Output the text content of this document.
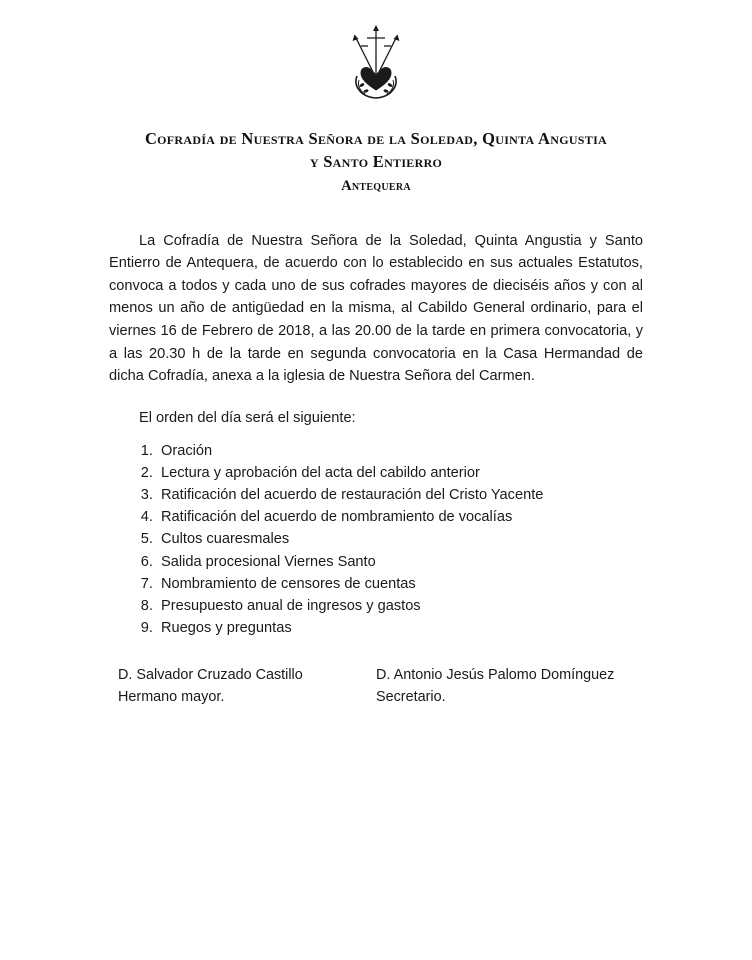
Cofradía de Nuestra Señora de la Soledad, Quinta Angustia
y Santo Entierro
Antequera

La Cofradía de Nuestra Señora de la Soledad, Quinta Angustia y Santo Entierro de Antequera, de acuerdo con lo establecido en sus actuales Estatutos, convoca a todos y cada uno de sus cofrades mayores de dieciséis años y con al menos un año de antigüedad en la misma, al Cabildo General ordinario, para el viernes 16 de Febrero de 2018, a las 20.00 de la tarde en primera convocatoria, y a las 20.30 h de la tarde en segunda convocatoria en la Casa Hermandad de dicha Cofradía, anexa a la iglesia de Nuestra Señora del Carmen.

El orden del día será el siguiente:
1. Oración
2. Lectura y aprobación del acta del cabildo anterior
3. Ratificación del acuerdo de restauración del Cristo Yacente
4. Ratificación del acuerdo de nombramiento de vocalías
5. Cultos cuaresmales
6. Salida procesional Viernes Santo
7. Nombramiento de censores de cuentas
8. Presupuesto anual de ingresos y gastos
9. Ruegos y preguntas
D. Salvador Cruzado Castillo	D. Antonio Jesús Palomo Domínguez
Hermano mayor.	Secretario.
